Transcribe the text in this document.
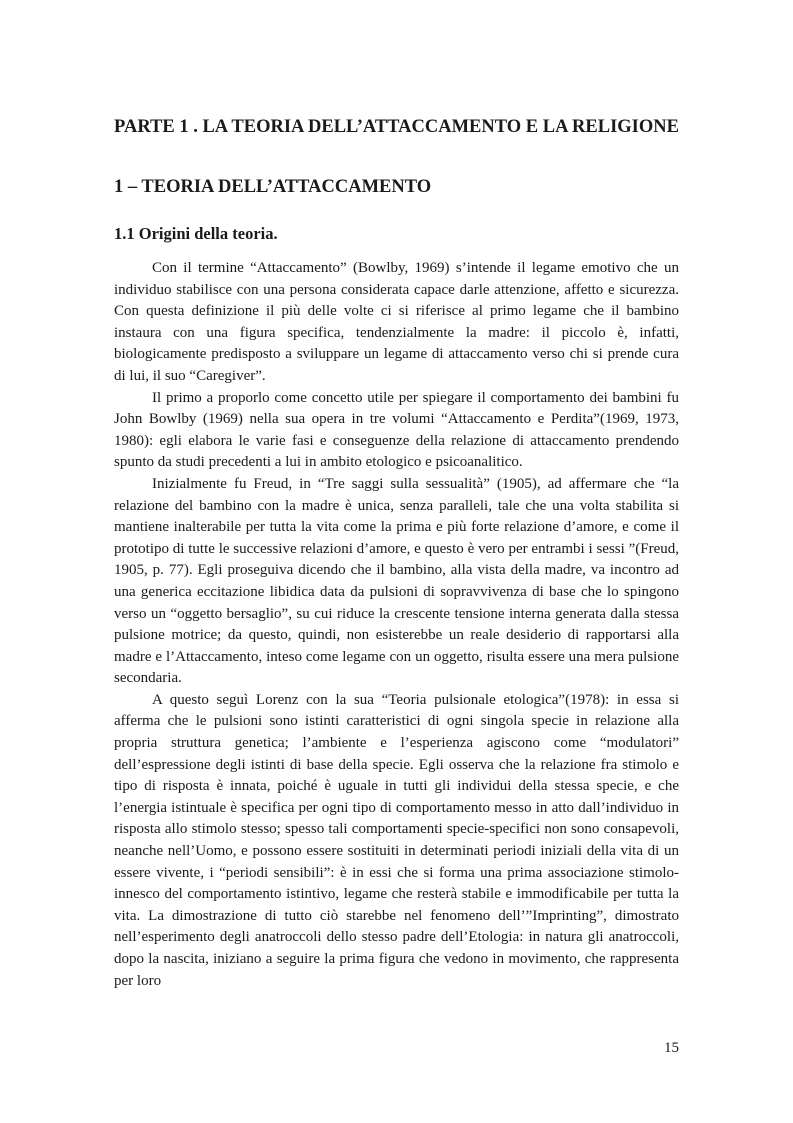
PARTE 1 . LA TEORIA DELL’ATTACCAMENTO E LA RELIGIONE
1 – TEORIA DELL’ATTACCAMENTO
1.1 Origini della teoria.

Con il termine “Attaccamento” (Bowlby, 1969) s’intende il legame emotivo che un individuo stabilisce con una persona considerata capace darle attenzione, affetto e sicurezza. Con questa definizione il più delle volte ci si riferisce al primo legame che il bambino instaura con una figura specifica, tendenzialmente la madre: il piccolo è, infatti, biologicamente predisposto a sviluppare un legame di attaccamento verso chi si prende cura di lui, il suo “Caregiver”.

Il primo a proporlo come concetto utile per spiegare il comportamento dei bambini fu John Bowlby (1969) nella sua opera in tre volumi “Attaccamento e Perdita”(1969, 1973, 1980): egli elabora le varie fasi e conseguenze della relazione di attaccamento prendendo spunto da studi precedenti a lui in ambito etologico e psicoanalitico.

Inizialmente fu Freud, in “Tre saggi sulla sessualità” (1905), ad affermare che “la relazione del bambino con la madre è unica, senza paralleli, tale che una volta stabilita si mantiene inalterabile per tutta la vita come la prima e più forte relazione d’amore, e come il prototipo di tutte le successive relazioni d’amore, e questo è vero per entrambi i sessi ”(Freud, 1905, p. 77). Egli proseguiva dicendo che il bambino, alla vista della madre, va incontro ad una generica eccitazione libidica data da pulsioni di sopravvivenza di base che lo spingono verso un “oggetto bersaglio”, su cui riduce la crescente tensione interna generata dalla stessa pulsione motrice; da questo, quindi, non esisterebbe un reale desiderio di rapportarsi alla madre e l’Attaccamento, inteso come legame con un oggetto, risulta essere una mera pulsione secondaria.

A questo seguì Lorenz con la sua “Teoria pulsionale etologica”(1978): in essa si afferma che le pulsioni sono istinti caratteristici di ogni singola specie in relazione alla propria struttura genetica; l’ambiente e l’esperienza agiscono come “modulatori” dell’espressione degli istinti di base della specie. Egli osserva che la relazione fra stimolo e tipo di risposta è innata, poiché è uguale in tutti gli individui della stessa specie, e che l’energia istintuale è specifica per ogni tipo di comportamento messo in atto dall’individuo in risposta allo stimolo stesso; spesso tali comportamenti specie-specifici non sono consapevoli, neanche nell’Uomo, e possono essere sostituiti in determinati periodi iniziali della vita di un essere vivente, i “periodi sensibili”: è in essi che si forma una prima associazione stimolo-innesco del comportamento istintivo, legame che resterà stabile e immodificabile per tutta la vita. La dimostrazione di tutto ciò starebbe nel fenomeno dell’”Imprinting”, dimostrato nell’esperimento degli anatroccoli dello stesso padre dell’Etologia: in natura gli anatroccoli, dopo la nascita, iniziano a seguire la prima figura che vedono in movimento, che rappresenta per loro

15
